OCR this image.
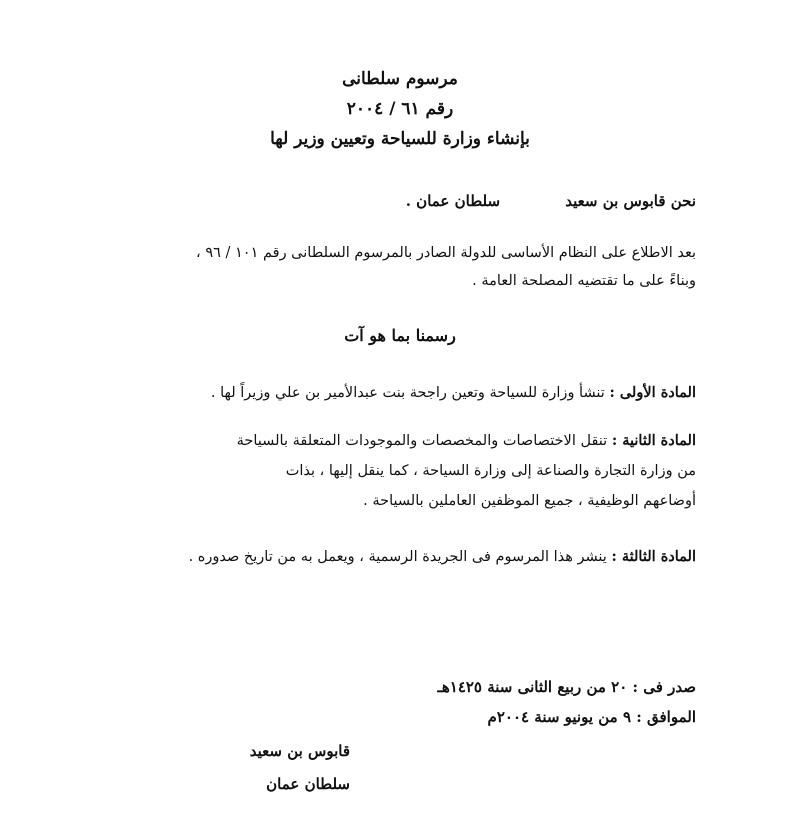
مرسوم سلطانى
رقم ٦١ / ٢٠٠٤
بإنشاء وزارة للسياحة وتعيين وزير لها
نحن قابوس بن سعيد سلطان عمان .
بعد الاطلاع على النظام الأساسى للدولة الصادر بالمرسوم السلطانى رقم ١٠١ / ٩٦ ،
وبناءً على ما تقتضيه المصلحة العامة .
رسمنا بما هو آت
المادة الأولى : تنشأ وزارة للسياحة وتعين راجحة بنت عبدالأمير بن علي وزيراً لها .
المادة الثانية : تنقل الاختصاصات والمخصصات والموجودات المتعلقة بالسياحة
من وزارة التجارة والصناعة إلى وزارة السياحة ، كما ينقل إليها ، بذات
أوضاعهم الوظيفية ، جميع الموظفين العاملين بالسياحة .
المادة الثالثة : ينشر هذا المرسوم فى الجريدة الرسمية ، ويعمل به من تاريخ صدوره .
صدر فى : ٢٠ من ربيع الثانى سنة ١٤٢٥هـ
الموافق : ٩ من يونيو سنة ٢٠٠٤م
قابوس بن سعيد
سلطان عمان
